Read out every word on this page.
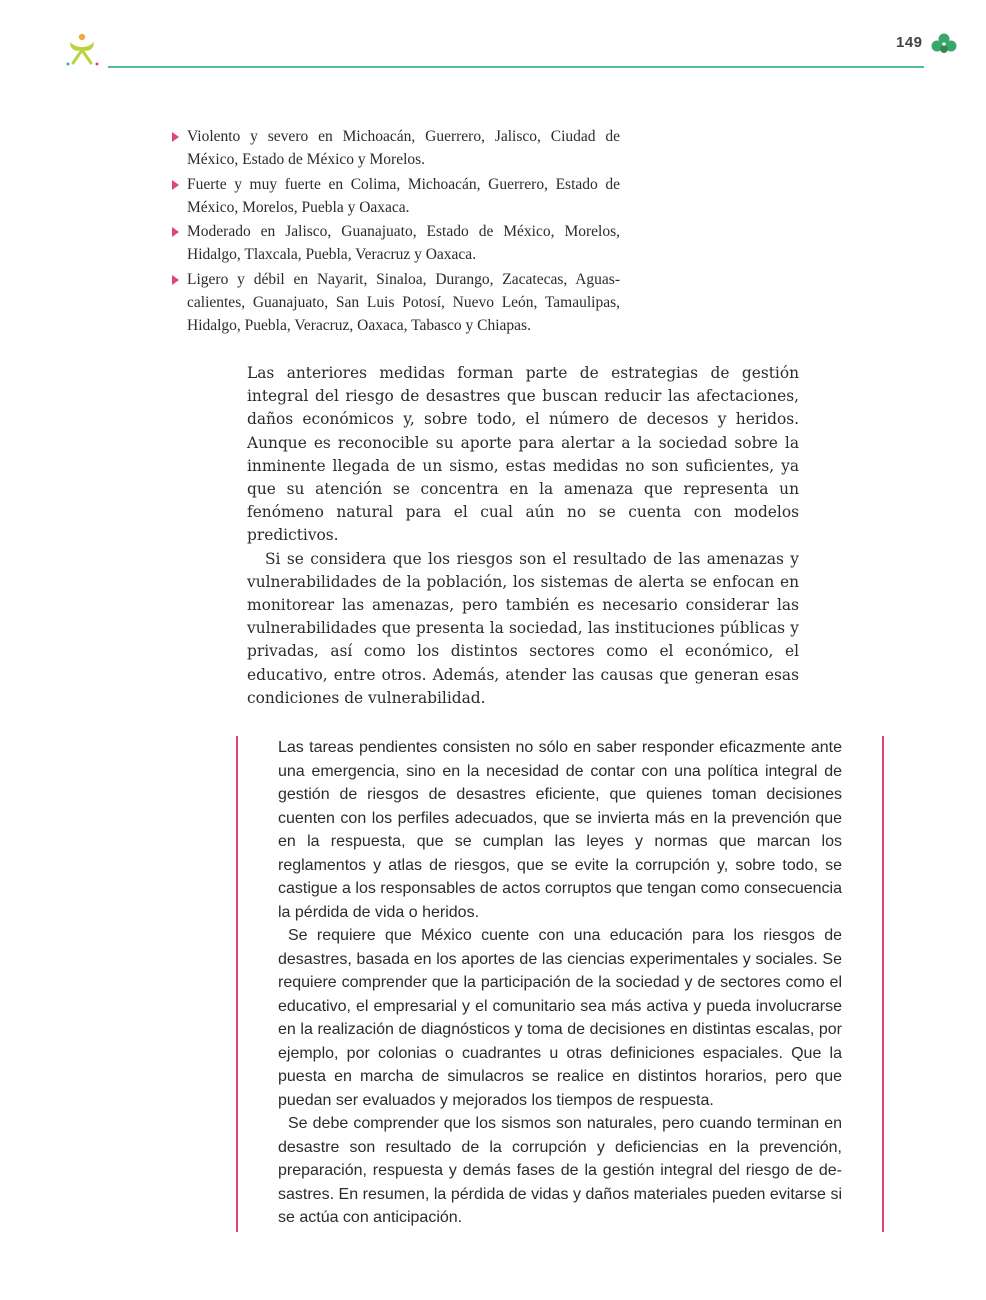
149
Violento y severo en Michoacán, Guerrero, Jalisco, Ciudad de México, Estado de México y Morelos.
Fuerte y muy fuerte en Colima, Michoacán, Guerrero, Estado de México, Morelos, Puebla y Oaxaca.
Moderado en Jalisco, Guanajuato, Estado de México, Morelos, Hidalgo, Tlaxcala, Puebla, Veracruz y Oaxaca.
Ligero y débil en Nayarit, Sinaloa, Durango, Zacatecas, Aguascalientes, Guanajuato, San Luis Potosí, Nuevo León, Tamaulipas, Hidalgo, Puebla, Veracruz, Oaxaca, Tabasco y Chiapas.

Las anteriores medidas forman parte de estrategias de gestión integral del riesgo de desastres que buscan reducir las afectaciones, daños económicos y, sobre todo, el número de decesos y heridos. Aunque es reconocible su aporte para alertar a la sociedad sobre la inminente llegada de un sismo, estas medidas no son suficientes, ya que su atención se concentra en la amenaza que representa un fenómeno natural para el cual aún no se cuenta con modelos predictivos.

Si se considera que los riesgos son el resultado de las amenazas y vulnerabilidades de la población, los sistemas de alerta se enfocan en monitorear las amenazas, pero también es necesario considerar las vulnerabilidades que presenta la sociedad, las instituciones públicas y privadas, así como los distintos sectores como el económico, el educativo, entre otros. Además, atender las causas que generan esas condiciones de vulnerabilidad.

Las tareas pendientes consisten no sólo en saber responder eficazmente ante una emergencia, sino en la necesidad de contar con una política integral de gestión de riesgos de desastres eficiente, que quienes toman decisiones cuenten con los perfiles adecuados, que se invierta más en la prevención que en la respuesta, que se cumplan las leyes y normas que marcan los reglamentos y atlas de riesgos, que se evite la corrupción y, sobre todo, se castigue a los responsables de actos corruptos que tengan como consecuencia la pérdida de vida o heridos.

Se requiere que México cuente con una educación para los riesgos de desastres, basada en los aportes de las ciencias experimentales y sociales. Se requiere comprender que la participación de la sociedad y de sectores como el educativo, el empresarial y el comunitario sea más activa y pueda involucrarse en la realización de diagnósticos y toma de decisiones en distintas escalas, por ejemplo, por colonias o cuadrantes u otras definiciones espaciales. Que la puesta en marcha de simulacros se realice en distintos horarios, pero que puedan ser evaluados y mejorados los tiempos de respuesta.

Se debe comprender que los sismos son naturales, pero cuando terminan en desastre son resultado de la corrupción y deficiencias en la prevención, preparación, respuesta y demás fases de la gestión integral del riesgo de desastres. En resumen, la pérdida de vidas y daños materiales pueden evitarse si se actúa con anticipación.
